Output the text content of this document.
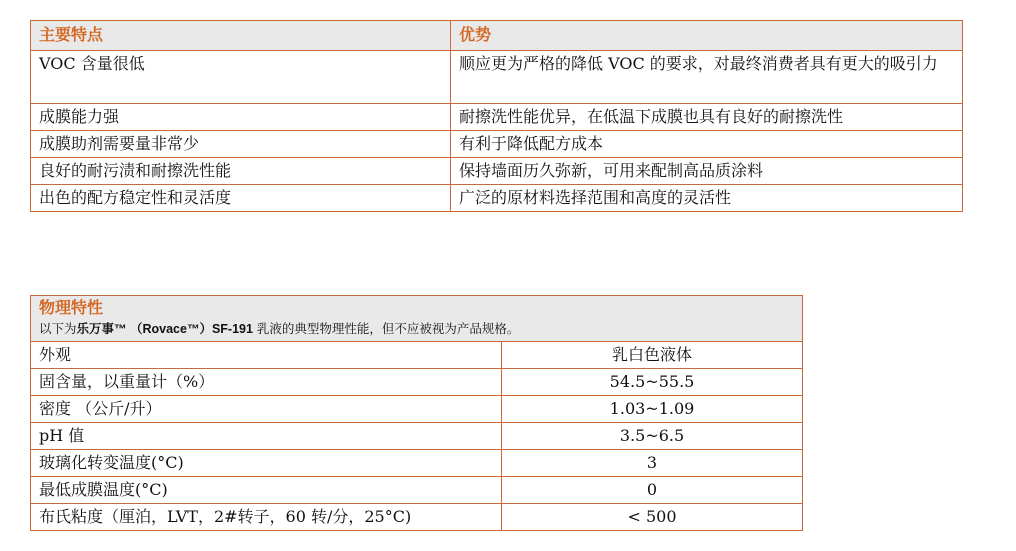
主要特点	优势
VOC 含量很低	顺应更为严格的降低 VOC 的要求，对最终消费者具有更大的吸引力
成膜能力强	耐擦洗性能优异，在低温下成膜也具有良好的耐擦洗性
成膜助剂需要量非常少	有利于降低配方成本
良好的耐污渍和耐擦洗性能	保持墙面历久弥新，可用来配制高品质涂料
出色的配方稳定性和灵活度	广泛的原材料选择范围和高度的灵活性
物理特性
以下为乐万事™ （Rovace™）SF-191 乳液的典型物理性能，但不应被视为产品规格。	

外观	乳白色液体
固含量，以重量计（%）	54.5~55.5
密度 （公斤/升）	1.03~1.09
pH 值	3.5~6.5
玻璃化转变温度(°C)	3
最低成膜温度(°C)	0
布氏粘度（厘泊，LVT，2#转子，60 转/分，25°C)	< 500
